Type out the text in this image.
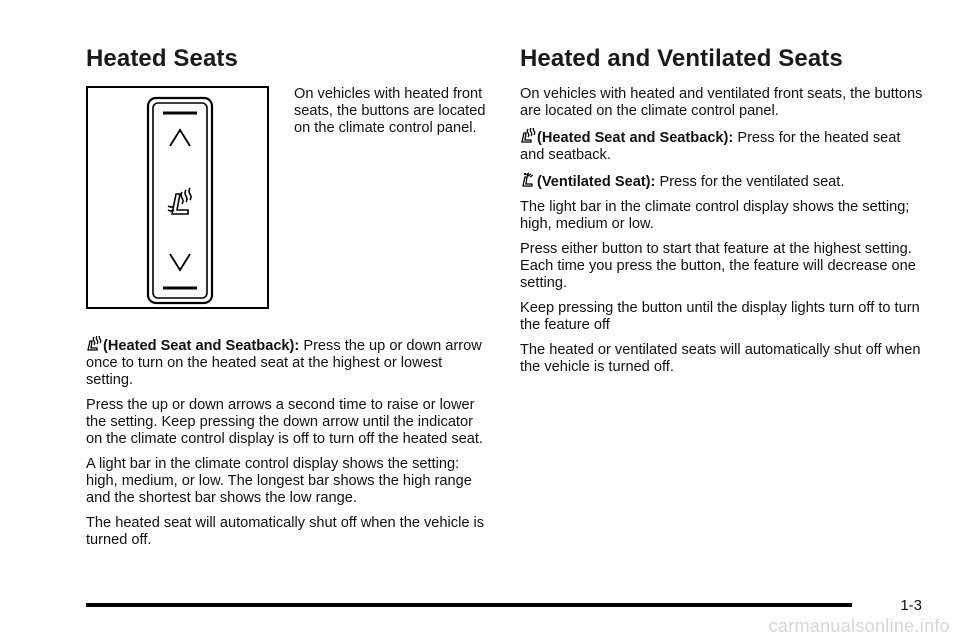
Heated Seats

On vehicles with heated front seats, the buttons are located on the climate control panel.

(Heated Seat and Seatback): Press the up or down arrow once to turn on the heated seat at the highest or lowest setting.

Press the up or down arrows a second time to raise or lower the setting. Keep pressing the down arrow until the indicator on the climate control display is off to turn off the heated seat.

A light bar in the climate control display shows the setting: high, medium, or low. The longest bar shows the high range and the shortest bar shows the low range.

The heated seat will automatically shut off when the vehicle is turned off.

Heated and Ventilated Seats

On vehicles with heated and ventilated front seats, the buttons are located on the climate control panel.

(Heated Seat and Seatback): Press for the heated seat and seatback.

(Ventilated Seat): Press for the ventilated seat.

The light bar in the climate control display shows the setting; high, medium or low.

Press either button to start that feature at the highest setting. Each time you press the button, the feature will decrease one setting.

Keep pressing the button until the display lights turn off to turn the feature off

The heated or ventilated seats will automatically shut off when the vehicle is turned off.

1-3
carmanualsonline.info
